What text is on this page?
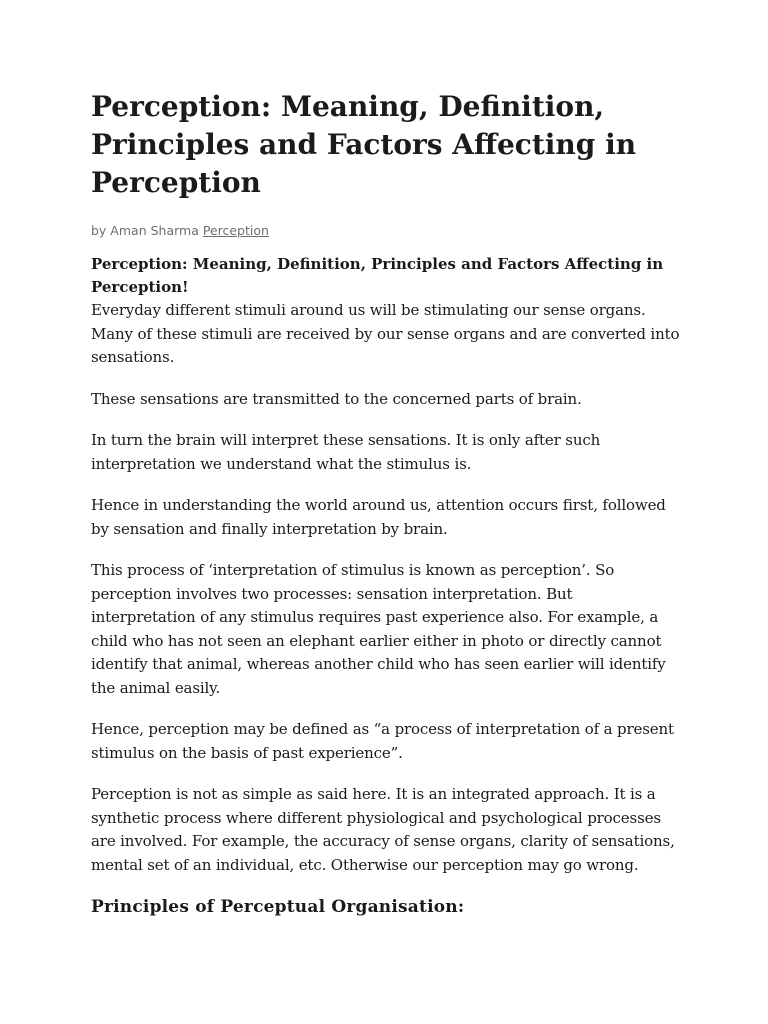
Perception: Meaning, Definition, Principles and Factors Affecting in Perception
by Aman Sharma Perception

Perception: Meaning, Definition, Principles and Factors Affecting in Perception!

Everyday different stimuli around us will be stimulating our sense organs. Many of these stimuli are received by our sense organs and are converted into sensations.

These sensations are transmitted to the concerned parts of brain.

In turn the brain will interpret these sensations. It is only after such interpretation we understand what the stimulus is.

Hence in understanding the world around us, attention occurs first, followed by sensation and finally interpretation by brain.

This process of ‘interpretation of stimulus is known as perception’. So perception involves two processes: sensation interpretation. But interpretation of any stimulus requires past experience also. For example, a child who has not seen an elephant earlier either in photo or directly cannot identify that animal, whereas another child who has seen earlier will identify the animal easily.

Hence, perception may be defined as “a process of interpretation of a present stimulus on the basis of past experience”.

Perception is not as simple as said here. It is an integrated approach. It is a synthetic process where different physiological and psychological processes are involved. For example, the accuracy of sense organs, clarity of sensations, mental set of an individual, etc. Otherwise our perception may go wrong.

Principles of Perceptual Organisation:
